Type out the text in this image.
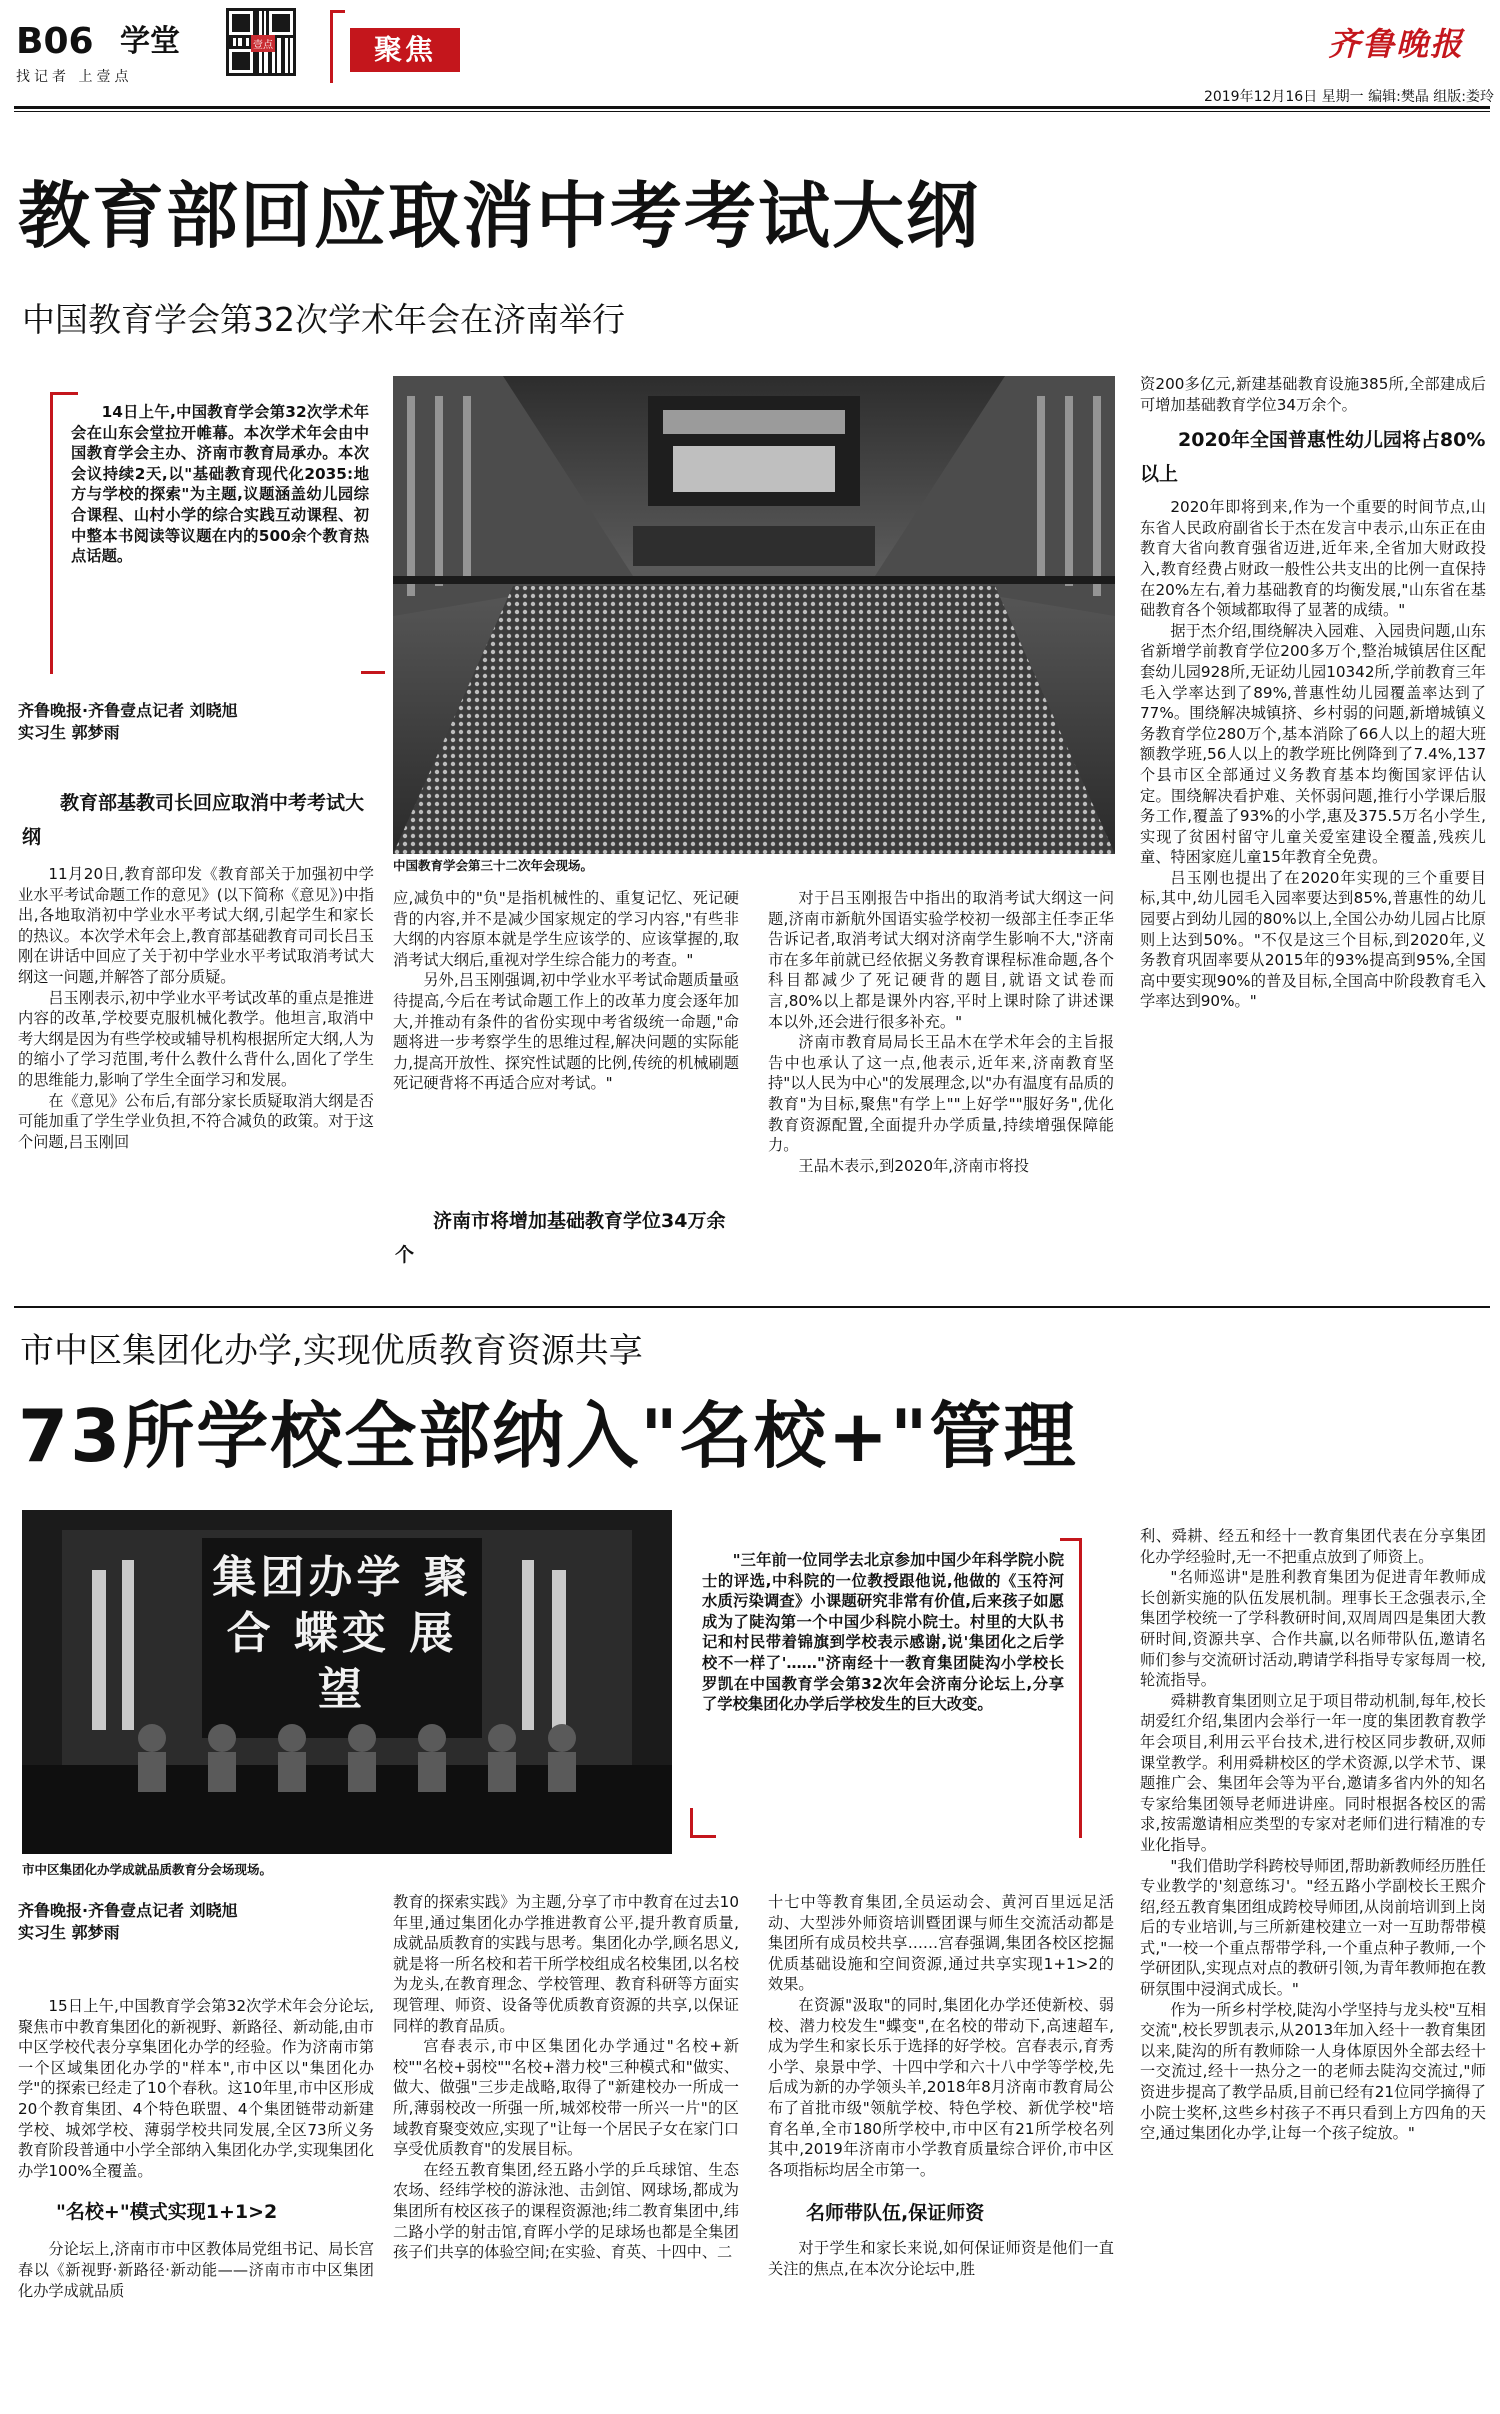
B06 学堂
找记者 上壹点
壹点	聚焦	齐鲁晚报
2019年12月16日 星期一 编辑:樊晶 组版:娄玲
教育部回应取消中考考试大纲
中国教育学会第32次学术年会在济南举行

14日上午,中国教育学会第32次学术年会在山东会堂拉开帷幕。本次学术年会由中国教育学会主办、济南市教育局承办。本次会议持续2天,以"基础教育现代化2035:地方与学校的探索"为主题,议题涵盖幼儿园综合课程、山村小学的综合实践互动课程、初中整本书阅读等议题在内的500余个教育热点话题。

齐鲁晚报·齐鲁壹点记者 刘晓旭
实习生 郭梦雨
教育部基教司长回应取消中考考试大纲
中国教育学会第三十二次年会现场。

11月20日,教育部印发《教育部关于加强初中学业水平考试命题工作的意见》(以下简称《意见》)中指出,各地取消初中学业水平考试大纲,引起学生和家长的热议。本次学术年会上,教育部基础教育司司长吕玉刚在讲话中回应了关于初中学业水平考试取消考试大纲这一问题,并解答了部分质疑。

吕玉刚表示,初中学业水平考试改革的重点是推进内容的改革,学校要克服机械化教学。他坦言,取消中考大纲是因为有些学校或辅导机构根据所定大纲,人为的缩小了学习范围,考什么教什么背什么,固化了学生的思维能力,影响了学生全面学习和发展。

在《意见》公布后,有部分家长质疑取消大纲是否可能加重了学生学业负担,不符合减负的政策。对于这个问题,吕玉刚回

应,减负中的"负"是指机械性的、重复记忆、死记硬背的内容,并不是减少国家规定的学习内容,"有些非大纲的内容原本就是学生应该学的、应该掌握的,取消考试大纲后,重视对学生综合能力的考查。"

另外,吕玉刚强调,初中学业水平考试命题质量亟待提高,今后在考试命题工作上的改革力度会逐年加大,并推动有条件的省份实现中考省级统一命题,"命题将进一步考察学生的思维过程,解决问题的实际能力,提高开放性、探究性试题的比例,传统的机械刷题死记硬背将不再适合应对考试。"

济南市将增加基础教育学位34万余个

对于吕玉刚报告中指出的取消考试大纲这一问题,济南市新航外国语实验学校初一级部主任李正华告诉记者,取消考试大纲对济南学生影响不大,"济南市在多年前就已经依据义务教育课程标准命题,各个科目都减少了死记硬背的题目,就语文试卷而言,80%以上都是课外内容,平时上课时除了讲述课本以外,还会进行很多补充。"

济南市教育局局长王品木在学术年会的主旨报告中也承认了这一点,他表示,近年来,济南教育坚持"以人民为中心"的发展理念,以"办有温度有品质的教育"为目标,聚焦"有学上""上好学""服好务",优化教育资源配置,全面提升办学质量,持续增强保障能力。

王品木表示,到2020年,济南市将投

资200多亿元,新建基础教育设施385所,全部建成后可增加基础教育学位34万余个。

2020年全国普惠性幼儿园将占80%以上

2020年即将到来,作为一个重要的时间节点,山东省人民政府副省长于杰在发言中表示,山东正在由教育大省向教育强省迈进,近年来,全省加大财政投入,教育经费占财政一般性公共支出的比例一直保持在20%左右,着力基础教育的均衡发展,"山东省在基础教育各个领域都取得了显著的成绩。"

据于杰介绍,围绕解决入园难、入园贵问题,山东省新增学前教育学位200多万个,整治城镇居住区配套幼儿园928所,无证幼儿园10342所,学前教育三年毛入学率达到了89%,普惠性幼儿园覆盖率达到了77%。围绕解决城镇挤、乡村弱的问题,新增城镇义务教育学位280万个,基本消除了66人以上的超大班额教学班,56人以上的教学班比例降到了7.4%,137个县市区全部通过义务教育基本均衡国家评估认定。围绕解决看护难、关怀弱问题,推行小学课后服务工作,覆盖了93%的小学,惠及375.5万名小学生,实现了贫困村留守儿童关爱室建设全覆盖,残疾儿童、特困家庭儿童15年教育全免费。

吕玉刚也提出了在2020年实现的三个重要目标,其中,幼儿园毛入园率要达到85%,普惠性的幼儿园要占到幼儿园的80%以上,全国公办幼儿园占比原则上达到50%。"不仅是这三个目标,到2020年,义务教育巩固率要从2015年的93%提高到95%,全国高中要实现90%的普及目标,全国高中阶段教育毛入学率达到90%。"

市中区集团化办学,实现优质教育资源共享
73所学校全部纳入"名校+"管理
集团办学 聚合 蝶变 展望
市中区集团化办学成就品质教育分会场现场。

"三年前一位同学去北京参加中国少年科学院小院士的评选,中科院的一位教授跟他说,他做的《玉符河水质污染调查》小课题研究非常有价值,后来孩子如愿成为了陡沟第一个中国少科院小院士。村里的大队书记和村民带着锦旗到学校表示感谢,说'集团化之后学校不一样了'……"济南经十一教育集团陡沟小学校长罗凯在中国教育学会第32次年会济南分论坛上,分享了学校集团化办学后学校发生的巨大改变。

齐鲁晚报·齐鲁壹点记者 刘晓旭
实习生 郭梦雨

15日上午,中国教育学会第32次学术年会分论坛,聚焦市中教育集团化的新视野、新路径、新动能,由市中区学校代表分享集团化办学的经验。作为济南市第一个区域集团化办学的"样本",市中区以"集团化办学"的探索已经走了10个春秋。这10年里,市中区形成20个教育集团、4个特色联盟、4个集团链带动新建学校、城郊学校、薄弱学校共同发展,全区73所义务教育阶段普通中小学全部纳入集团化办学,实现集团化办学100%全覆盖。

"名校+"模式实现1+1>2

分论坛上,济南市市中区教体局党组书记、局长宫春以《新视野·新路径·新动能——济南市市中区集团化办学成就品质

教育的探索实践》为主题,分享了市中教育在过去10年里,通过集团化办学推进教育公平,提升教育质量,成就品质教育的实践与思考。集团化办学,顾名思义,就是将一所名校和若干所学校组成名校集团,以名校为龙头,在教育理念、学校管理、教育科研等方面实现管理、师资、设备等优质教育资源的共享,以保证同样的教育品质。

宫春表示,市中区集团化办学通过"名校+新校""名校+弱校""名校+潜力校"三种模式和"做实、做大、做强"三步走战略,取得了"新建校办一所成一所,薄弱校改一所强一所,城郊校带一所兴一片"的区域教育聚变效应,实现了"让每一个居民子女在家门口享受优质教育"的发展目标。

在经五教育集团,经五路小学的乒乓球馆、生态农场、经纬学校的游泳池、击剑馆、网球场,都成为集团所有校区孩子的课程资源池;纬二教育集团中,纬二路小学的射击馆,育晖小学的足球场也都是全集团孩子们共享的体验空间;在实验、育英、十四中、二

十七中等教育集团,全员运动会、黄河百里远足活动、大型涉外师资培训暨团课与师生交流活动都是集团所有成员校共享……宫春强调,集团各校区挖掘优质基础设施和空间资源,通过共享实现1+1>2的效果。

在资源"汲取"的同时,集团化办学还使新校、弱校、潜力校发生"蝶变",在名校的带动下,高速超车,成为学生和家长乐于选择的好学校。宫春表示,育秀小学、泉景中学、十四中学和六十八中学等学校,先后成为新的办学领头羊,2018年8月济南市教育局公布了首批市级"领航学校、特色学校、新优学校"培育名单,全市180所学校中,市中区有21所学校名列其中,2019年济南市小学教育质量综合评价,市中区各项指标均居全市第一。

名师带队伍,保证师资

对于学生和家长来说,如何保证师资是他们一直关注的焦点,在本次分论坛中,胜

利、舜耕、经五和经十一教育集团代表在分享集团化办学经验时,无一不把重点放到了师资上。

"名师巡讲"是胜利教育集团为促进青年教师成长创新实施的队伍发展机制。理事长王念强表示,全集团学校统一了学科教研时间,双周周四是集团大教研时间,资源共享、合作共赢,以名师带队伍,邀请名师们参与交流研讨活动,聘请学科指导专家每周一校,轮流指导。

舜耕教育集团则立足于项目带动机制,每年,校长胡爱红介绍,集团内会举行一年一度的集团教育教学年会项目,利用云平台技术,进行校区同步教研,双师课堂教学。利用舜耕校区的学术资源,以学术节、课题推广会、集团年会等为平台,邀请多省内外的知名专家给集团领导老师进讲座。同时根据各校区的需求,按需邀请相应类型的专家对老师们进行精准的专业化指导。

"我们借助学科跨校导师团,帮助新教师经历胜任专业教学的'刻意练习'。"经五路小学副校长王熙介绍,经五教育集团组成跨校导师团,从岗前培训到上岗后的专业培训,与三所新建校建立一对一互助帮带模式,"一校一个重点帮带学科,一个重点种子教师,一个学研团队,实现点对点的教研引领,为青年教师抱在教研氛围中浸润式成长。"

作为一所乡村学校,陡沟小学坚持与龙头校"互相交流",校长罗凯表示,从2013年加入经十一教育集团以来,陡沟的所有教师除一人身体原因外全部去经十一交流过,经十一热分之一的老师去陡沟交流过,"师资进步提高了教学品质,目前已经有21位同学摘得了小院士奖杯,这些乡村孩子不再只看到上方四角的天空,通过集团化办学,让每一个孩子绽放。"
